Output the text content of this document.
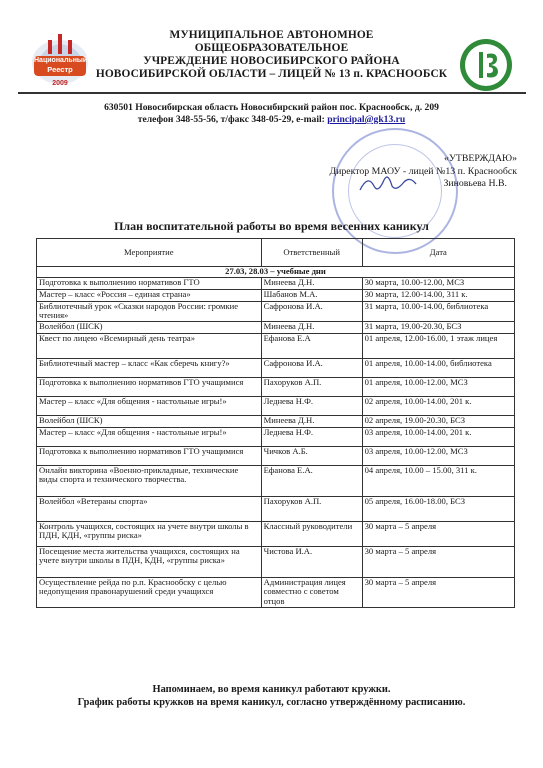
Национальный
Реестр
2009
МУНИЦИПАЛЬНОЕ АВТОНОМНОЕ
ОБЩЕОБРАЗОВАТЕЛЬНОЕ
УЧРЕЖДЕНИЕ НОВОСИБИРСКОГО РАЙОНА
НОВОСИБИРСКОЙ ОБЛАСТИ – ЛИЦЕЙ № 13 п. КРАСНООБСК
630501 Новосибирская область Новосибирский район пос. Краснообск, д. 209
телефон 348-55-56, т/факс 348-05-29, e-mail: principal@gk13.ru
«УТВЕРЖДАЮ»
Директор МАОУ - лицей №13 п. Краснообск
Зиновьева Н.В.
План воспитательной работы во время весенних каникул
Мероприятие	Ответственный	Дата
27.03, 28.03 – учебные дни		
Подготовка к выполнению нормативов ГТО	Минеева Д.Н.	30 марта, 10.00-12.00, МСЗ
Мастер – класс «Россия – единая страна»	Шабанов М.А.	30 марта, 12.00-14.00, 311 к.
Библиотечный урок «Сказки народов России: громкие чтения»	Сафронова И.А.	31 марта, 10.00-14.00, библиотека
Волейбол (ШСК)	Минеева Д.Н.	31 марта, 19.00-20.30, БСЗ
Квест по лицею «Всемирный день театра»	Ефанова Е.А	01 апреля, 12.00-16.00, 1 этаж лицея
Библиотечный мастер – класс «Как сберечь книгу?»	Сафронова И.А.	01 апреля, 10.00-14.00, библиотека
Подготовка к выполнению нормативов ГТО учащимися	Пахоруков А.П.	01 апреля, 10.00-12.00, МСЗ
Мастер – класс «Для общения - настольные игры!»	Леднева Н.Ф.	02 апреля, 10.00-14.00, 201 к.
Волейбол (ШСК)	Минеева Д.Н.	02 апреля, 19.00-20.30, БСЗ
Мастер – класс «Для общения - настольные игры!»	Леднева Н.Ф.	03 апреля, 10.00-14.00, 201 к.
Подготовка к выполнению нормативов ГТО учащимися	Чичков А.Б.	03 апреля, 10.00-12.00, МСЗ
Онлайн викторина «Военно-прикладные, технические виды спорта и технического творчества.	Ефанова Е.А.	04 апреля, 10.00 – 15.00, 311 к.
Волейбол «Ветераны спорта»	Пахоруков А.П.	05 апреля, 16.00-18.00, БСЗ
Контроль учащихся, состоящих на учете внутри школы в ПДН, КДН, «группы риска»	Классный руководители	30 марта – 5 апреля
Посещение места жительства учащихся, состоящих на учете внутри школы в ПДН, КДН, «группы риска»	Чистова И.А.	30 марта – 5 апреля
Осуществление рейда по р.п. Краснообску с целью недопущения правонарушений среди учащихся	Администрация лицея совместно с советом отцов	30 марта – 5 апреля
Напоминаем, во время каникул работают кружки.
График работы кружков на время каникул, согласно утверждённому расписанию.
